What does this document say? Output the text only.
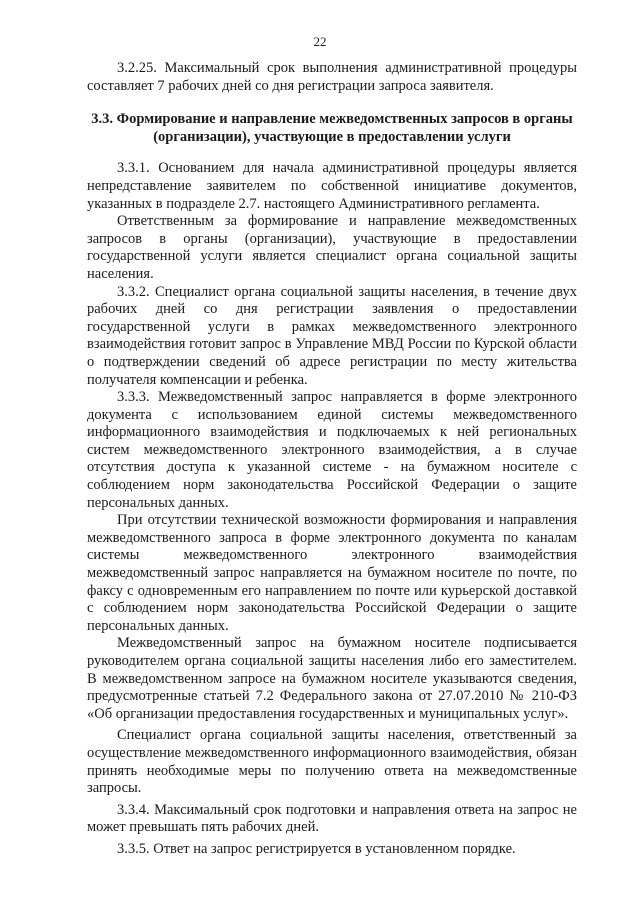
22

3.2.25. Максимальный срок выполнения административной процедуры составляет 7 рабочих дней со дня регистрации запроса заявителя.

3.3. Формирование и направление межведомственных запросов в органы (организации), участвующие в предоставлении услуги

3.3.1. Основанием для начала административной процедуры является непредставление заявителем по собственной инициативе документов, указанных в подразделе 2.7. настоящего Административного регламента.

Ответственным за формирование и направление межведомственных запросов в органы (организации), участвующие в предоставлении государственной услуги является специалист органа социальной защиты населения.

3.3.2. Специалист органа социальной защиты населения, в течение двух рабочих дней со дня регистрации заявления о предоставлении государственной услуги в рамках межведомственного электронного взаимодействия готовит запрос в Управление МВД России по Курской области о подтверждении сведений об адресе регистрации по месту жительства получателя компенсации и ребенка.

3.3.3. Межведомственный запрос направляется в форме электронного документа с использованием единой системы межведомственного информационного взаимодействия и подключаемых к ней региональных систем межведомственного электронного взаимодействия, а в случае отсутствия доступа к указанной системе - на бумажном носителе с соблюдением норм законодательства Российской Федерации о защите персональных данных.

При отсутствии технической возможности формирования и направления межведомственного запроса в форме электронного документа по каналам системы межведомственного электронного взаимодействия межведомственный запрос направляется на бумажном носителе по почте, по факсу с одновременным его направлением по почте или курьерской доставкой с соблюдением норм законодательства Российской Федерации о защите персональных данных.

Межведомственный запрос на бумажном носителе подписывается руководителем органа социальной защиты населения либо его заместителем. В межведомственном запросе на бумажном носителе указываются сведения, предусмотренные статьей 7.2 Федерального закона от 27.07.2010 № 210-ФЗ «Об организации предоставления государственных и муниципальных услуг».

Специалист органа социальной защиты населения, ответственный за осуществление межведомственного информационного взаимодействия, обязан принять необходимые меры по получению ответа на межведомственные запросы.

3.3.4. Максимальный срок подготовки и направления ответа на запрос не может превышать пять рабочих дней.

3.3.5. Ответ на запрос регистрируется в установленном порядке.
